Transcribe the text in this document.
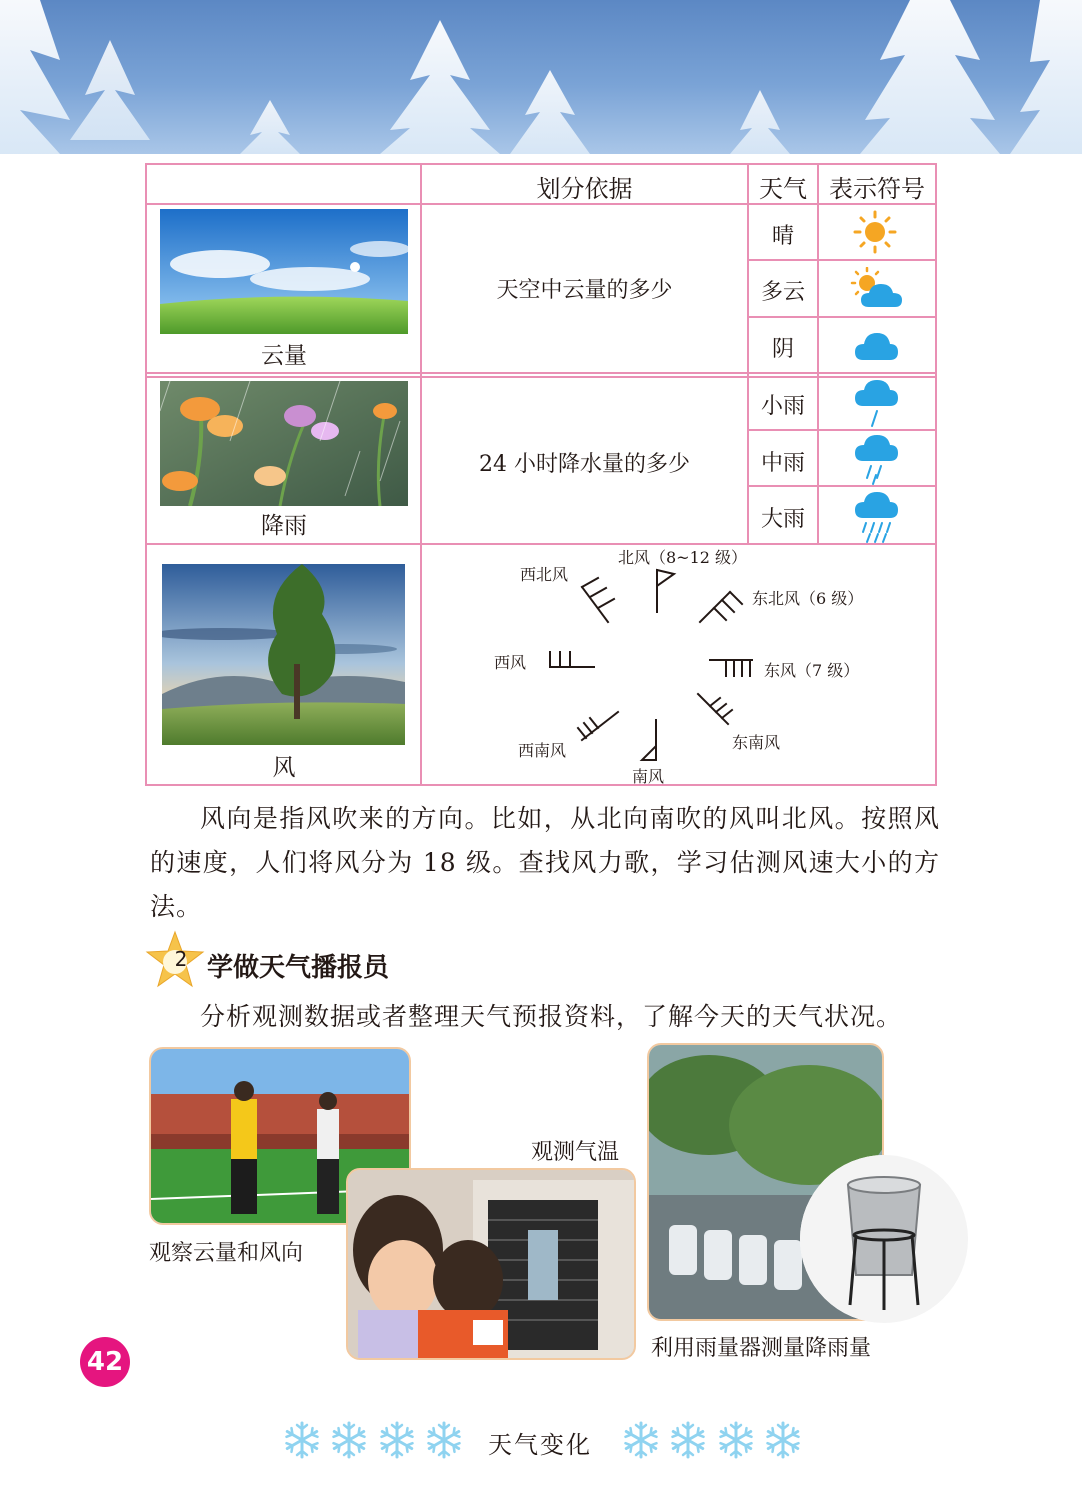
划分依据	天气 表示符号
云量
天空中云量的多少
晴
多云
阴
降雨
24 小时降水量的多少
小雨
中雨
大雨
风
北风（8~12 级）
东北风（6 级）
东风（7 级）
东南风
南风
西南风
西风
西北风

风向是指风吹来的方向。比如，从北向南吹的风叫北风。按照风的速度，人们将风分为 18 级。查找风力歌，学习估测风速大小的方法。

2 学做天气播报员

分析观测数据或者整理天气预报资料，了解今天的天气状况。

观察云量和风向
观测气温
利用雨量器测量降雨量
42
天气变化
